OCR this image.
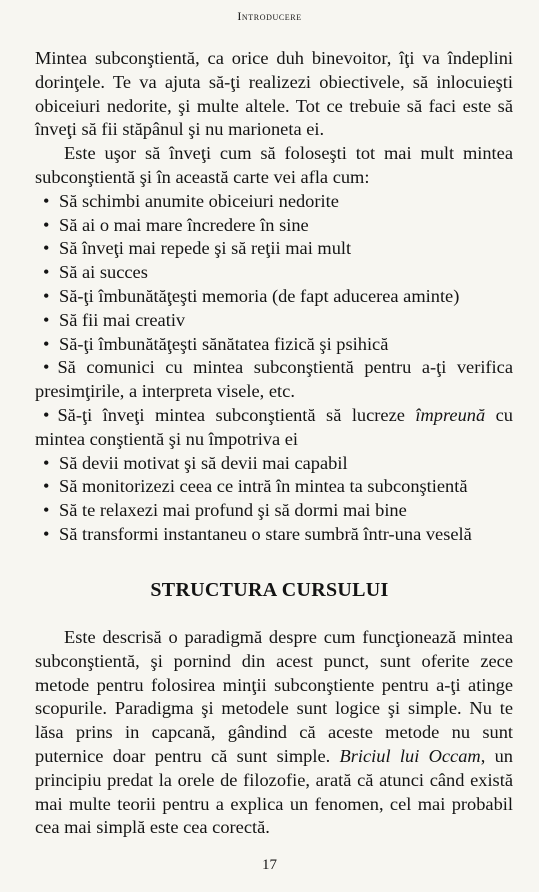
Introducere

Mintea subconştientă, ca orice duh binevoitor, îţi va îndeplini dorinţele. Te va ajuta să-ţi realizezi obiectivele, să inlocuieşti obiceiuri nedorite, şi multe altele. Tot ce trebuie să faci este să înveţi să fii stăpânul şi nu marioneta ei.

Este uşor să înveţi cum să foloseşti tot mai mult mintea subconştientă şi în această carte vei afla cum:

• Să schimbi anumite obiceiuri nedorite
• Să ai o mai mare încredere în sine
• Să înveţi mai repede şi să reţii mai mult
• Să ai succes
• Să-ţi îmbunătăţeşti memoria (de fapt aducerea aminte)
• Să fii mai creativ
• Să-ţi îmbunătăţeşti sănătatea fizică şi psihică
• Să comunici cu mintea subconştientă pentru a-ţi verifica presimţirile, a interpreta visele, etc.
• Să-ţi înveţi mintea subconştientă să lucreze împreună cu mintea conştientă şi nu împotriva ei
• Să devii motivat şi să devii mai capabil
• Să monitorizezi ceea ce intră în mintea ta subconştientă
• Să te relaxezi mai profund şi să dormi mai bine
• Să transformi instantaneu o stare sumbră într-una veselă
STRUCTURA CURSULUI

Este descrisă o paradigmă despre cum funcţionează mintea subconştientă, şi pornind din acest punct, sunt oferite zece metode pentru folosirea minţii subconştiente pentru a-ţi atinge scopurile. Paradigma şi metodele sunt logice şi simple. Nu te lăsa prins in capcană, gândind că aceste metode nu sunt puternice doar pentru că sunt simple. Briciul lui Occam, un principiu predat la orele de filozofie, arată că atunci când există mai multe teorii pentru a explica un fenomen, cel mai probabil cea mai simplă este cea corectă.

17
